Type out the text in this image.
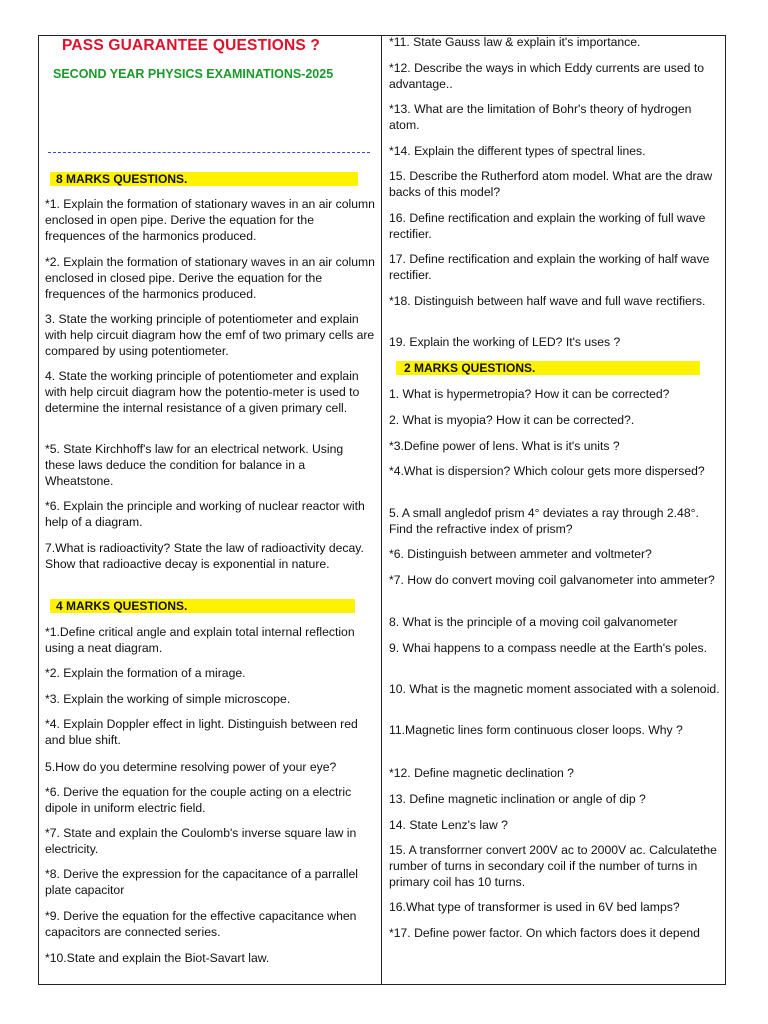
PASS GUARANTEE QUESTIONS ?
SECOND YEAR PHYSICS EXAMINATIONS-2025
8 MARKS QUESTIONS.

*1. Explain the formation of stationary waves in an air column enclosed in open pipe. Derive the equation for the frequences of the harmonics produced.

*2. Explain the formation of stationary waves in an air column enclosed in closed pipe. Derive the equation for the frequences of the harmonics produced.

3. State the working principle of potentiometer and explain with help circuit diagram how the emf of two primary cells are compared by using potentiometer.

4. State the working principle of potentiometer and explain with help circuit diagram how the potentio-meter is used to determine the internal resistance of a given primary cell.

*5. State Kirchhoff's law for an electrical network. Using these laws deduce the condition for balance in a Wheatstone.

*6. Explain the principle and working of nuclear reactor with help of a diagram.

7.What is radioactivity? State the law of radioactivity decay. Show that radioactive decay is exponential in nature.

4 MARKS QUESTIONS.

*1.Define critical angle and explain total internal reflection using a neat diagram.

*2. Explain the formation of a mirage.

*3. Explain the working of simple microscope.

*4. Explain Doppler effect in light. Distinguish between red and blue shift.

5.How do you determine resolving power of your eye?

*6. Derive the equation for the couple acting on a electric dipole in uniform electric field.

*7. State and explain the Coulomb's inverse square law in electricity.

*8. Derive the expression for the capacitance of a parrallel plate capacitor

*9. Derive the equation for the effective capacitance when capacitors are connected series.

*10.State and explain the Biot-Savart law.

*11. State Gauss law & explain it's importance.

*12. Describe the ways in which Eddy currents are used to advantage..

*13. What are the limitation of Bohr's theory of hydrogen atom.

*14. Explain the different types of spectral lines.

15. Describe the Rutherford atom model. What are the draw backs of this model?

16. Define rectification and explain the working of full wave rectifier.

17. Define rectification and explain the working of half wave rectifier.

*18. Distinguish between half wave and full wave rectifiers.

19. Explain the working of LED? It's uses ?

2 MARKS QUESTIONS.

1. What is hypermetropia? How it can be corrected?

2. What is myopia? How it can be corrected?.

*3.Define power of lens. What is it's units ?

*4.What is dispersion? Which colour gets more dispersed?

5. A small angledof prism 4° deviates a ray through 2.48°. Find the refractive index of prism?

*6. Distinguish between ammeter and voltmeter?

*7. How do convert moving coil galvanometer into ammeter?

8. What is the principle of a moving coil galvanometer

9. Whai happens to a compass needle at the Earth's poles.

10. What is the magnetic moment associated with a solenoid.

11.Magnetic lines form continuous closer loops. Why ?

*12. Define magnetic declination ?

13. Define magnetic inclination or angle of dip ?

14. State Lenz's law ?

15. A transforrner convert 200V ac to 2000V ac. Calculatethe rumber of turns in secondary coil if the number of turns in primary coil has 10 turns.

16.What type of transformer is used in 6V bed lamps?

*17. Define power factor. On which factors does it depend
